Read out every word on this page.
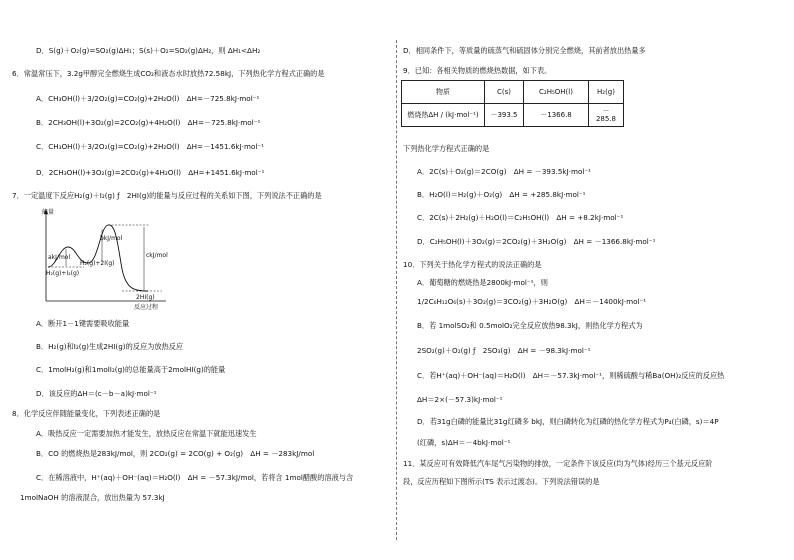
D．S(g)＋O₂(g)=SO₂(g)ΔH₁；S(s)＋O₂=SO₂(g)ΔH₂，则 ΔH₁<ΔH₂
6．常温常压下，3.2g甲醇完全燃烧生成CO₂和液态水时放热72.58kJ，下列热化学方程式正确的是
A．CH₃OH(l)＋3/2O₂(g)=CO₂(g)+2H₂O(l)　ΔH=－725.8kJ·mol⁻¹
B．2CH₃OH(l)+3O₂(g)=2CO₂(g)+4H₂O(l)　ΔH=－725.8kJ·mol⁻¹
C．CH₃OH(l)＋3/2O₂(g)=CO₂(g)+2H₂O(l)　ΔH=－1451.6kJ·mol⁻¹
D．2CH₃OH(l)+3O₂(g)=2CO₂(g)+4H₂O(l)　ΔH=+1451.6kJ·mol⁻¹
7．一定温度下反应H₂(g)＋I₂(g) ƒ　2HI(g)的能量与反应过程的关系如下图，下列说法不正确的是
A．断开1－1键需要吸收能量
B．H₂(g)和I₂(g)生成2HI(g)的反应为放热反应
C．1molH₂(g)和1molI₂(g)的总能量高于2molHI(g)的能量
D．该反应的ΔH＝(c－b－a)kJ·mol⁻¹
8．化学反应伴随能量变化，下列表述正确的是
A．吸热反应一定需要加热才能发生，放热反应在常温下就能迅速发生
B．CO 的燃烧热是283kJ/mol，则 2CO₂(g) = 2CO(g) + O₂(g)　ΔH = －283kJ/mol
C．在稀溶液中，H⁺(aq)＋OH⁻(aq)＝H₂O(l)　ΔH = －57.3kJ/mol，若将含 1mol醋酸的溶液与含
1molNaOH 的溶液混合，放出热量为 57.3kJ
D．相同条件下，等质量的硫蒸气和硫固体分别完全燃烧，其前者放出热量多
9．已知：各相关物质的燃烧热数据，如下表。
下列热化学方程式正确的是
A．2C(s)＋O₂(g)＝2CO(g)　ΔH = －393.5kJ·mol⁻¹
B．H₂O(l)＝H₂(g)＋O₂(g)　ΔH = +285.8kJ·mol⁻¹
C．2C(s)＋2H₂(g)＋H₂O(l)＝C₂H₅OH(l)　ΔH = +8.2kJ·mol⁻¹
D．C₂H₅OH(l)＋3O₂(g)＝2CO₂(g)＋3H₂O(g)　ΔH = －1366.8kJ·mol⁻¹
10．下列关于热化学方程式的说法正确的是
A．葡萄糖的燃烧热是2800kJ·mol⁻¹，则
1/2C₆H₁₂O₆(s)＋3O₂(g)＝3CO₂(g)＋3H₂O(g)　ΔH＝－1400kJ·mol⁻¹
B．若 1molSO₂和 0.5molO₂完全反应放热98.3kJ，则热化学方程式为
2SO₂(g)＋O₂(g) ƒ　2SO₃(g)　ΔH = －98.3kJ·mol⁻¹
C．若H⁺(aq)＋OH⁻(aq)＝H₂O(l)　ΔH＝－57.3kJ·mol⁻¹，则稀硫酸与稀Ba(OH)₂反应的反应热
ΔH＝2×(－57.3)kJ·mol⁻¹
D．若31g白磷的能量比31g红磷多 bkJ，则白磷转化为红磷的热化学方程式为P₄(白磷，s)＝4P
(红磷，s)ΔH＝－4bkJ·mol⁻¹
11．某反应可有效降低汽车尾气污染物的排放，一定条件下该反应(均为气体)经历三个基元反应阶
段，反应历程如下图所示(TS 表示过渡态)。下列说法错误的是
物质	C(s)	C₂H₅OH(l)	H₂(g)
燃烧热ΔH / (kJ·mol⁻¹)	－393.5	－1366.8	－285.8
能量
反应过程
akJ/mol
bkJ/mol
ckJ/mol
H₂(g)+I₂(g)
H₂(g)+2I(g)
2HI(g)
